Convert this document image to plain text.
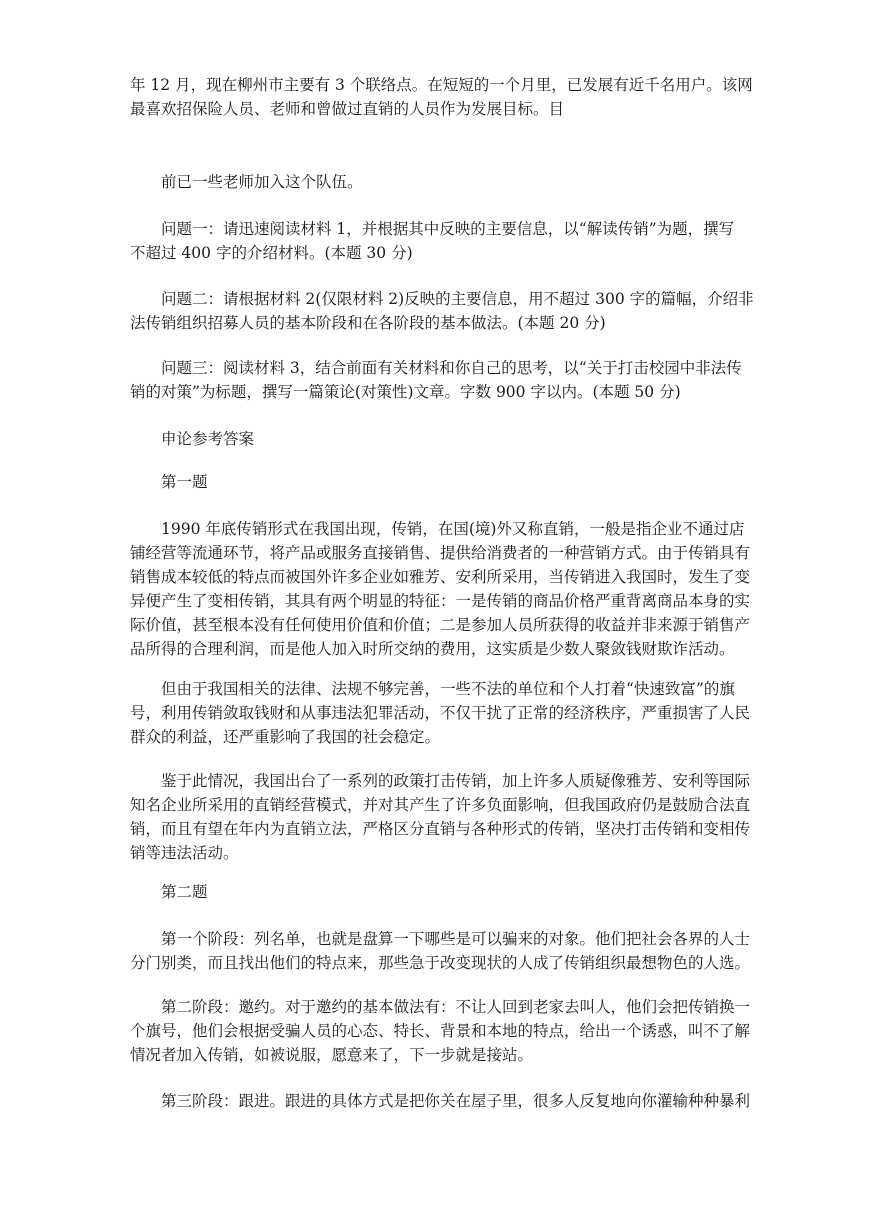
年 12 月，现在柳州市主要有 3 个联络点。在短短的一个月里，已发展有近千名用户。该网
最喜欢招保险人员、老师和曾做过直销的人员作为发展目标。目

前已一些老师加入这个队伍。

问题一：请迅速阅读材料 1，并根据其中反映的主要信息，以“解读传销”为题，撰写
不超过 400 字的介绍材料。(本题 30 分)

问题二：请根据材料 2(仅限材料 2)反映的主要信息，用不超过 300 字的篇幅，介绍非
法传销组织招募人员的基本阶段和在各阶段的基本做法。(本题 20 分)

问题三：阅读材料 3，结合前面有关材料和你自己的思考，以“关于打击校园中非法传
销的对策”为标题，撰写一篇策论(对策性)文章。字数 900 字以内。(本题 50 分)

申论参考答案

第一题

1990 年底传销形式在我国出现，传销，在国(境)外又称直销，一般是指企业不通过店
铺经营等流通环节，将产品或服务直接销售、提供给消费者的一种营销方式。由于传销具有
销售成本较低的特点而被国外许多企业如雅芳、安利所采用，当传销进入我国时，发生了变
异便产生了变相传销，其具有两个明显的特征：一是传销的商品价格严重背离商品本身的实
际价值，甚至根本没有任何使用价值和价值；二是参加人员所获得的收益并非来源于销售产
品所得的合理利润，而是他人加入时所交纳的费用，这实质是少数人聚敛钱财欺诈活动。

但由于我国相关的法律、法规不够完善，一些不法的单位和个人打着“快速致富”的旗
号，利用传销敛取钱财和从事违法犯罪活动，不仅干扰了正常的经济秩序，严重损害了人民
群众的利益，还严重影响了我国的社会稳定。

鉴于此情况，我国出台了一系列的政策打击传销，加上许多人质疑像雅芳、安利等国际
知名企业所采用的直销经营模式，并对其产生了许多负面影响，但我国政府仍是鼓励合法直
销，而且有望在年内为直销立法，严格区分直销与各种形式的传销，坚决打击传销和变相传
销等违法活动。

第二题

第一个阶段：列名单，也就是盘算一下哪些是可以骗来的对象。他们把社会各界的人士
分门别类，而且找出他们的特点来，那些急于改变现状的人成了传销组织最想物色的人选。

第二阶段：邀约。对于邀约的基本做法有：不让人回到老家去叫人，他们会把传销换一
个旗号，他们会根据受骗人员的心态、特长、背景和本地的特点，给出一个诱惑，叫不了解
情况者加入传销，如被说服，愿意来了，下一步就是接站。

第三阶段：跟进。跟进的具体方式是把你关在屋子里，很多人反复地向你灌输种种暴利
